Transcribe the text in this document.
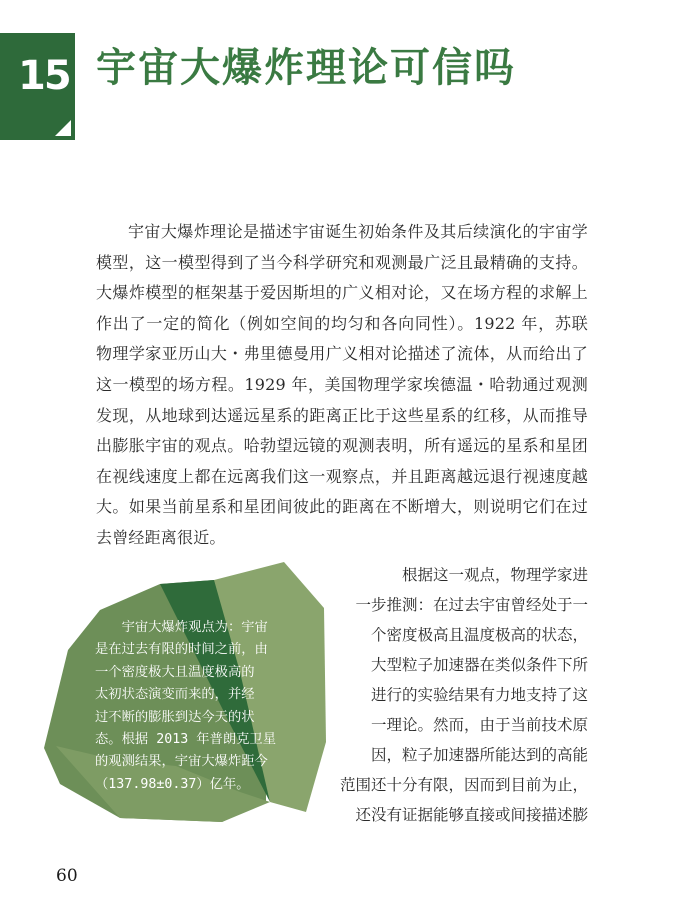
15 宇宙大爆炸理论可信吗

宇宙大爆炸理论是描述宇宙诞生初始条件及其后续演化的宇宙学模型，这一模型得到了当今科学研究和观测最广泛且最精确的支持。大爆炸模型的框架基于爱因斯坦的广义相对论，又在场方程的求解上作出了一定的简化（例如空间的均匀和各向同性）。1922 年，苏联物理学家亚历山大・弗里德曼用广义相对论描述了流体，从而给出了这一模型的场方程。1929 年，美国物理学家埃德温・哈勃通过观测发现，从地球到达遥远星系的距离正比于这些星系的红移，从而推导出膨胀宇宙的观点。哈勃望远镜的观测表明，所有遥远的星系和星团在视线速度上都在远离我们这一观察点，并且距离越远退行视速度越大。如果当前星系和星团间彼此的距离在不断增大，则说明它们在过去曾经距离很近。

　　宇宙大爆炸观点为：宇宙
是在过去有限的时间之前，由
一个密度极大且温度极高的
太初状态演变而来的，并经
过不断的膨胀到达今天的状
态。根据 2013 年普朗克卫星
的观测结果，宇宙大爆炸距今
（137.98±0.37）亿年。
根据这一观点，物理学家进
一步推测：在过去宇宙曾经处于一
个密度极高且温度极高的状态，
大型粒子加速器在类似条件下所
进行的实验结果有力地支持了这
一理论。然而，由于当前技术原
因，粒子加速器所能达到的高能
范围还十分有限，因而到目前为止，
还没有证据能够直接或间接描述膨
60
